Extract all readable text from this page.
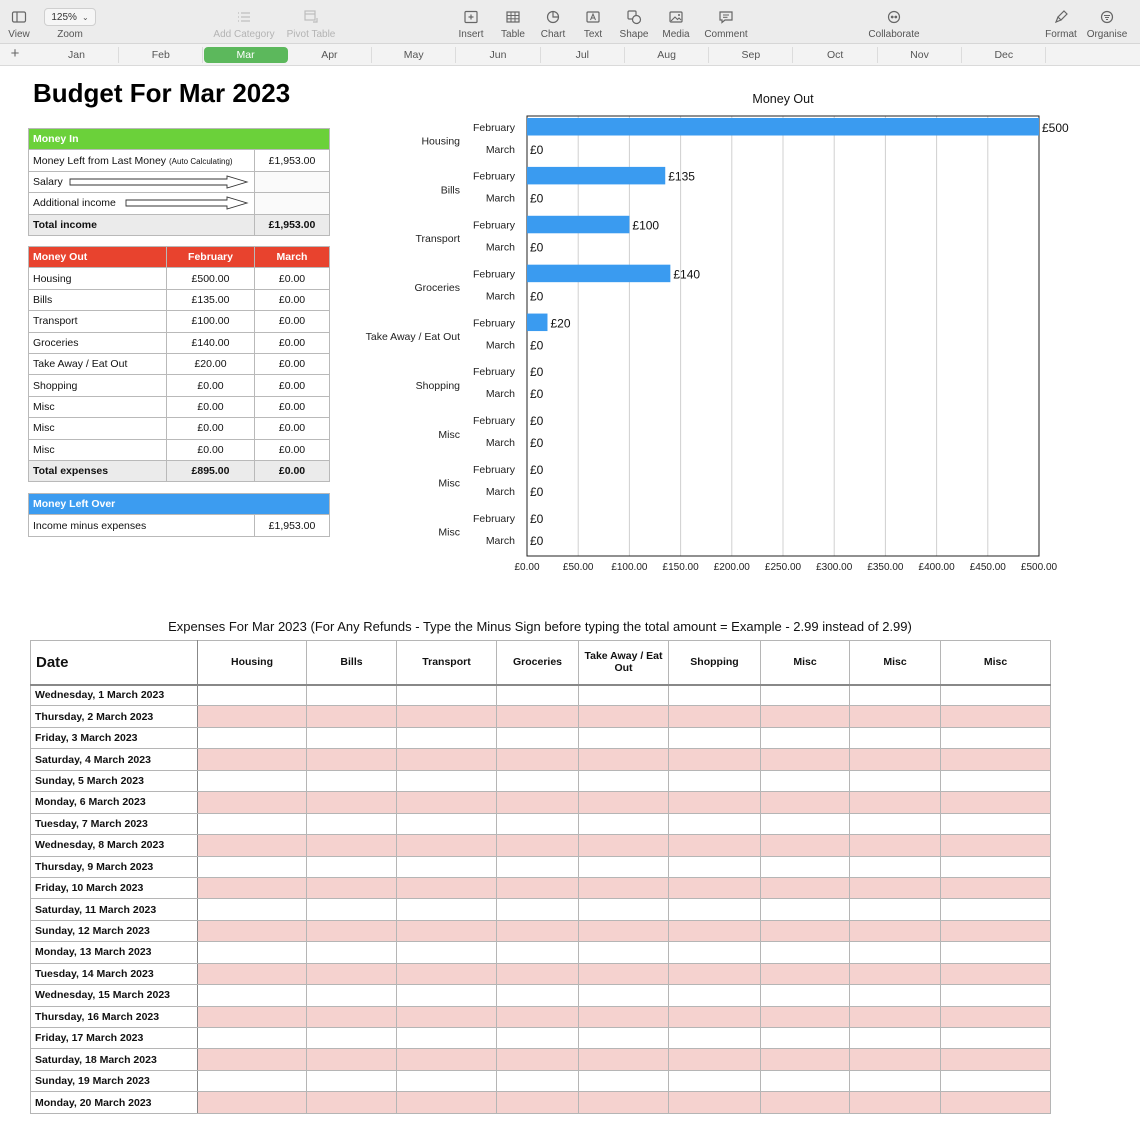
View
125% ⌄
Zoom	Add Category Pivot Table	Insert Table Chart Text Shape Media Comment	Collaborate	Format Organise
+	Jan	Feb	Mar	Apr	May	Jun	Jul	Aug	Sep	Oct	Nov	Dec
Budget For Mar 2023
Money In	
Money Left from Last Money (Auto Calculating)	£1,953.00
Salary

Additional income

Total income	£1,953.00
Money Out	February	March
Housing	£500.00	£0.00
Bills	£135.00	£0.00
Transport	£100.00	£0.00
Groceries	£140.00	£0.00
Take Away / Eat Out	£20.00	£0.00
Shopping	£0.00	£0.00
Misc	£0.00	£0.00
Misc	£0.00	£0.00
Misc	£0.00	£0.00
Total expenses	£895.00	£0.00
Money Left Over
Income minus expenses	£1,953.00
Money Out
£0.00 £50.00 £100.00 £150.00 £200.00 £250.00 £300.00 £350.00 £400.00 £450.00 £500.00
Housing
February	£500
March £0
Bills
February	£135
March £0
Transport
February	£100
March £0
Groceries
February	£140
March £0
Take Away / Eat Out
February	£20
March £0
Shopping
February £0
March £0
Misc
February £0
March £0
Misc
February £0
March £0
Misc
February £0
March £0
Expenses For Mar 2023 (For Any Refunds - Type the Minus Sign before typing the total amount = Example - 2.99 instead of 2.99)
Date	Housing	Bills	Transport	Groceries	Take Away / Eat Out	Shopping	Misc	Misc	Misc
Wednesday, 1 March 2023									
Thursday, 2 March 2023									
Friday, 3 March 2023									
Saturday, 4 March 2023									
Sunday, 5 March 2023									
Monday, 6 March 2023									
Tuesday, 7 March 2023									
Wednesday, 8 March 2023									
Thursday, 9 March 2023									
Friday, 10 March 2023									
Saturday, 11 March 2023									
Sunday, 12 March 2023									
Monday, 13 March 2023									
Tuesday, 14 March 2023									
Wednesday, 15 March 2023									
Thursday, 16 March 2023									
Friday, 17 March 2023									
Saturday, 18 March 2023									
Sunday, 19 March 2023									
Monday, 20 March 2023									
